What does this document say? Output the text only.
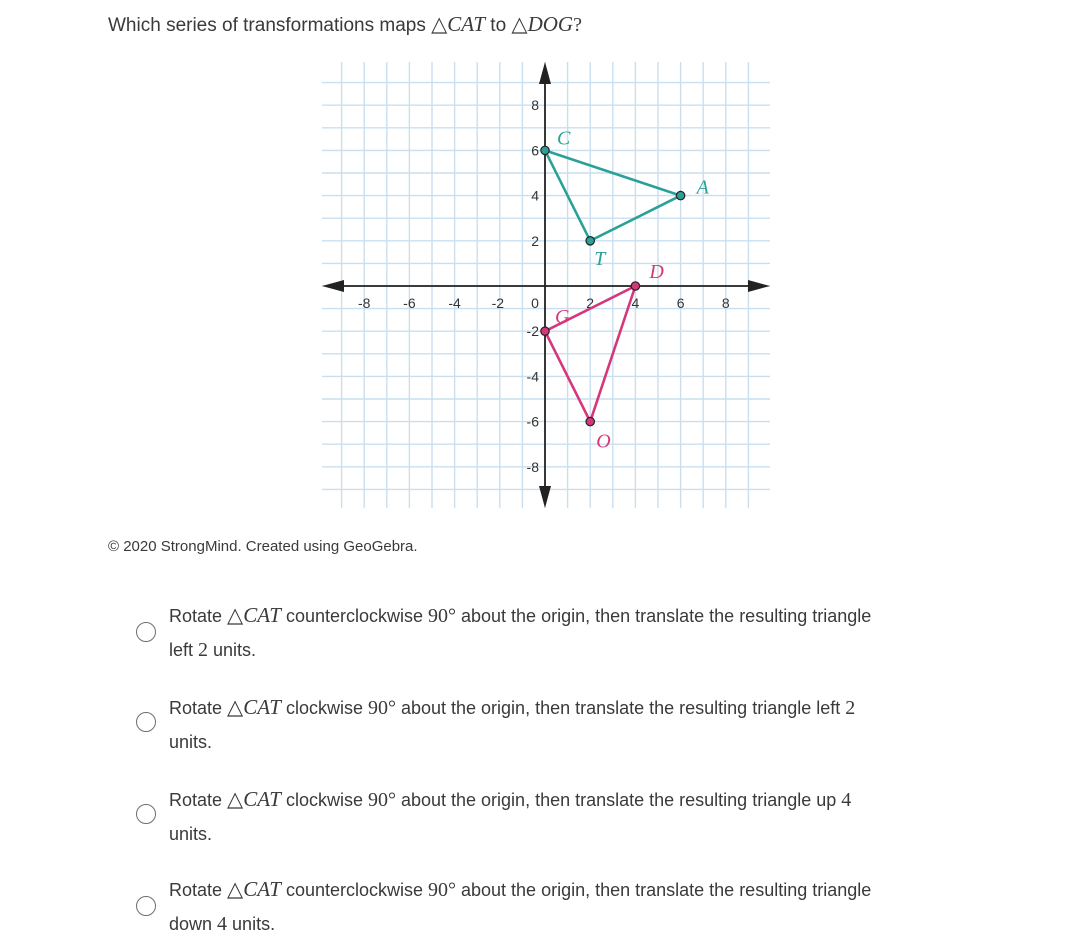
Which series of transformations maps △CAT to △DOG?
-8 -6 -4 -2 0	2	4	6	8
8
6
4
2
-2
-4
-6
-8
C
A
T
D
O
G
© 2020 StrongMind. Created using GeoGebra.
Rotate △CAT counterclockwise 90° about the origin, then translate the resulting triangle left 2 units.
Rotate △CAT clockwise 90° about the origin, then translate the resulting triangle left 2 units.
Rotate △CAT clockwise 90° about the origin, then translate the resulting triangle up 4 units.
Rotate △CAT counterclockwise 90° about the origin, then translate the resulting triangle down 4 units.
